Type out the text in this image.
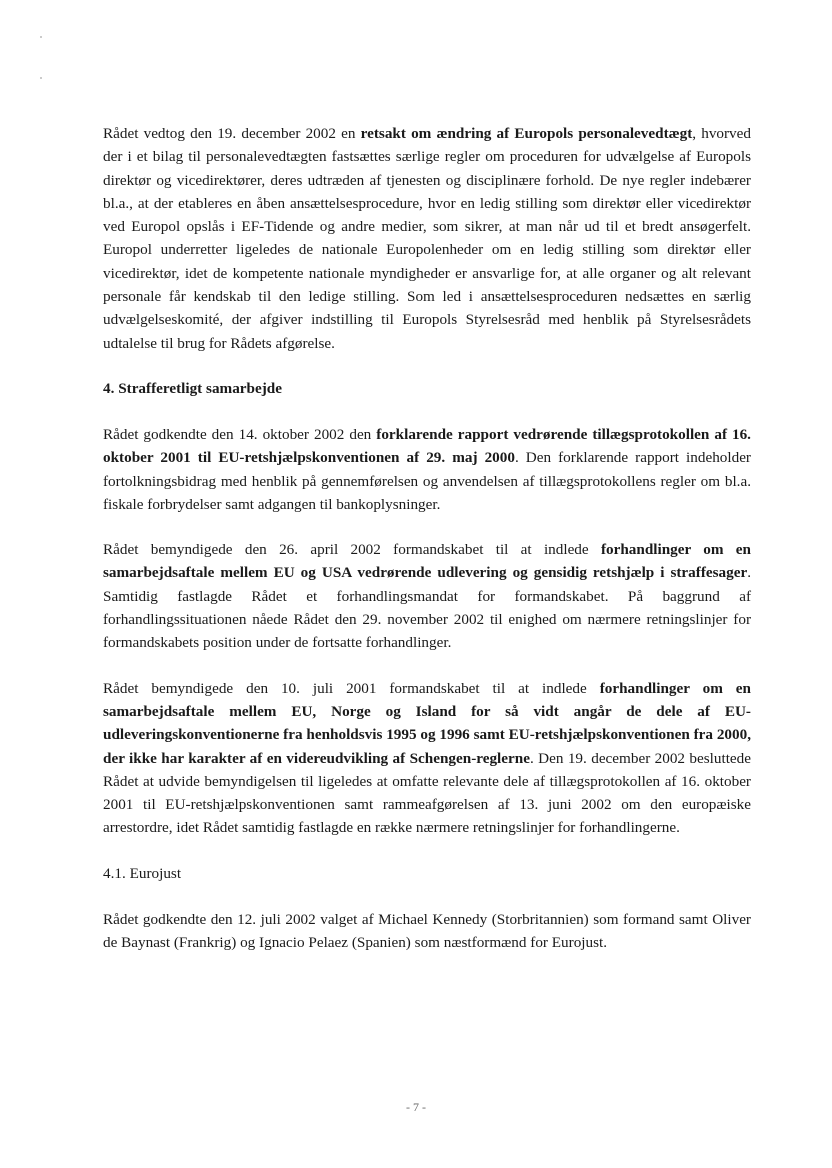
Rådet vedtog den 19. december 2002 en retsakt om ændring af Europols personalevedtægt, hvorved der i et bilag til personalevedtægten fastsættes særlige regler om proceduren for udvælgelse af Europols direktør og vicedirektører, deres udtræden af tjenesten og disciplinære forhold. De nye regler indebærer bl.a., at der etableres en åben ansættelsesprocedure, hvor en ledig stilling som direktør eller vicedirektør ved Europol opslås i EF-Tidende og andre medier, som sikrer, at man når ud til et bredt ansøgerfelt. Europol underretter ligeledes de nationale Europolenheder om en ledig stilling som direktør eller vicedirektør, idet de kompetente nationale myndigheder er ansvarlige for, at alle organer og alt relevant personale får kendskab til den ledige stilling. Som led i ansættelsesproceduren nedsættes en særlig udvælgelseskomité, der afgiver indstilling til Europols Styrelsesråd med henblik på Styrelsesrådets udtalelse til brug for Rådets afgørelse.

4. Strafferetligt samarbejde

Rådet godkendte den 14. oktober 2002 den forklarende rapport vedrørende tillægsprotokollen af 16. oktober 2001 til EU-retshjælpskonventionen af 29. maj 2000. Den forklarende rapport indeholder fortolkningsbidrag med henblik på gennemførelsen og anvendelsen af tillægsprotokollens regler om bl.a. fiskale forbrydelser samt adgangen til bankoplysninger.

Rådet bemyndigede den 26. april 2002 formandskabet til at indlede forhandlinger om en samarbejdsaftale mellem EU og USA vedrørende udlevering og gensidig retshjælp i straffesager. Samtidig fastlagde Rådet et forhandlingsmandat for formandskabet. På baggrund af forhandlingssituationen nåede Rådet den 29. november 2002 til enighed om nærmere retningslinjer for formandskabets position under de fortsatte forhandlinger.

Rådet bemyndigede den 10. juli 2001 formandskabet til at indlede forhandlinger om en samarbejdsaftale mellem EU, Norge og Island for så vidt angår de dele af EU-udleveringskonventionerne fra henholdsvis 1995 og 1996 samt EU-retshjælpskonventionen fra 2000, der ikke har karakter af en videreudvikling af Schengen-reglerne. Den 19. december 2002 besluttede Rådet at udvide bemyndigelsen til ligeledes at omfatte relevante dele af tillægsprotokollen af 16. oktober 2001 til EU-retshjælpskonventionen samt rammeafgørelsen af 13. juni 2002 om den europæiske arrestordre, idet Rådet samtidig fastlagde en række nærmere retningslinjer for forhandlingerne.

4.1. Eurojust

Rådet godkendte den 12. juli 2002 valget af Michael Kennedy (Storbritannien) som formand samt Oliver de Baynast (Frankrig) og Ignacio Pelaez (Spanien) som næstformænd for Eurojust.

- 7 -
